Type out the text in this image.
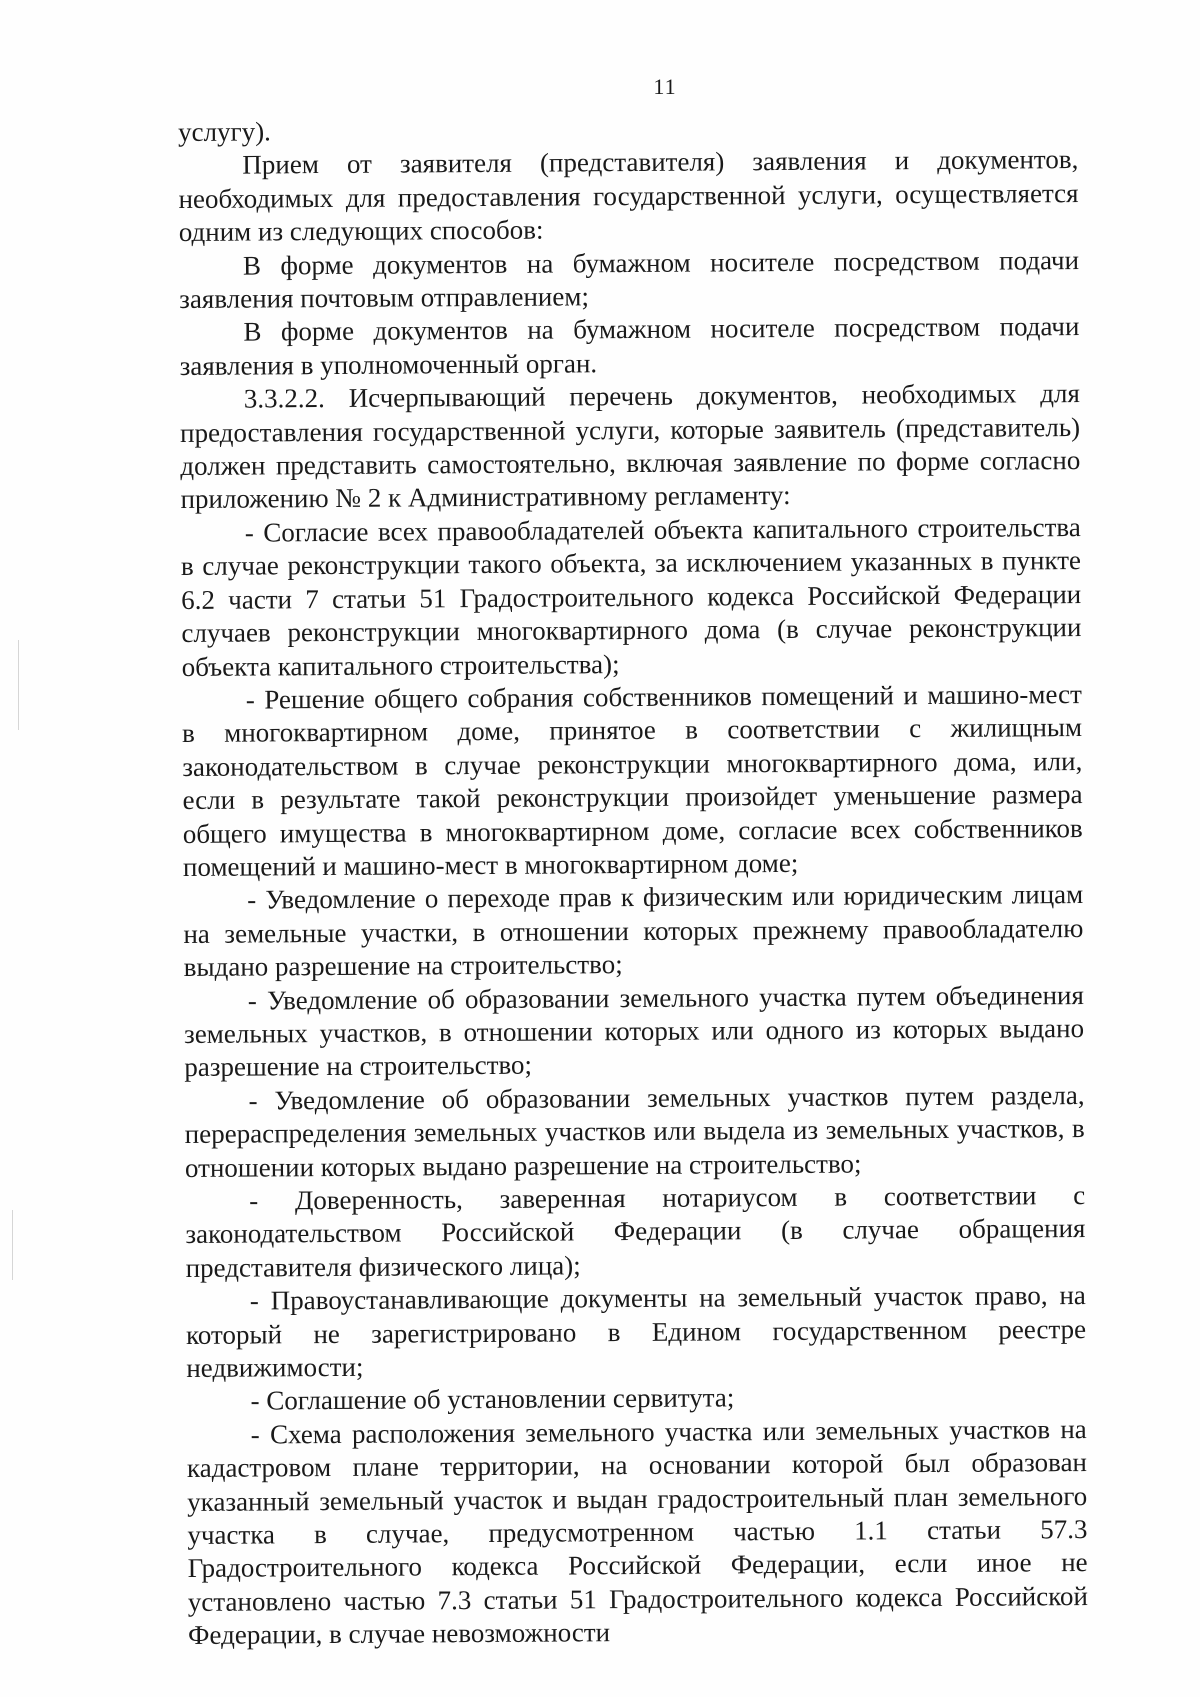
11

услугу).

Прием от заявителя (представителя) заявления и документов, необходимых для предоставления государственной услуги, осуществляется одним из следующих способов:

В форме документов на бумажном носителе посредством подачи заявления почтовым отправлением;

В форме документов на бумажном носителе посредством подачи заявления в уполномоченный орган.

3.3.2.2. Исчерпывающий перечень документов, необходимых для предоставления государственной услуги, которые заявитель (представитель) должен представить самостоятельно, включая заявление по форме согласно приложению № 2 к Административному регламенту:

- Согласие всех правообладателей объекта капитального строительства в случае реконструкции такого объекта, за исключением указанных в пункте 6.2 части 7 статьи 51 Градостроительного кодекса Российской Федерации случаев реконструкции многоквартирного дома (в случае реконструкции объекта капитального строительства);

- Решение общего собрания собственников помещений и машино-мест в многоквартирном доме, принятое в соответствии с жилищным законодательством в случае реконструкции многоквартирного дома, или, если в результате такой реконструкции произойдет уменьшение размера общего имущества в многоквартирном доме, согласие всех собственников помещений и машино-мест в многоквартирном доме;

- Уведомление о переходе прав к физическим или юридическим лицам на земельные участки, в отношении которых прежнему правообладателю выдано разрешение на строительство;

- Уведомление об образовании земельного участка путем объединения земельных участков, в отношении которых или одного из которых выдано разрешение на строительство;

- Уведомление об образовании земельных участков путем раздела, перераспределения земельных участков или выдела из земельных участков, в отношении которых выдано разрешение на строительство;

- Доверенность, заверенная нотариусом в соответствии с законодательством Российской Федерации (в случае обращения представителя физического лица);

- Правоустанавливающие документы на земельный участок право, на который не зарегистрировано в Едином государственном реестре недвижимости;

- Соглашение об установлении сервитута;

- Схема расположения земельного участка или земельных участков на кадастровом плане территории, на основании которой был образован указанный земельный участок и выдан градостроительный план земельного участка в случае, предусмотренном частью 1.1 статьи 57.3 Градостроительного кодекса Российской Федерации, если иное не установлено частью 7.3 статьи 51 Градостроительного кодекса Российской Федерации, в случае невозможности
